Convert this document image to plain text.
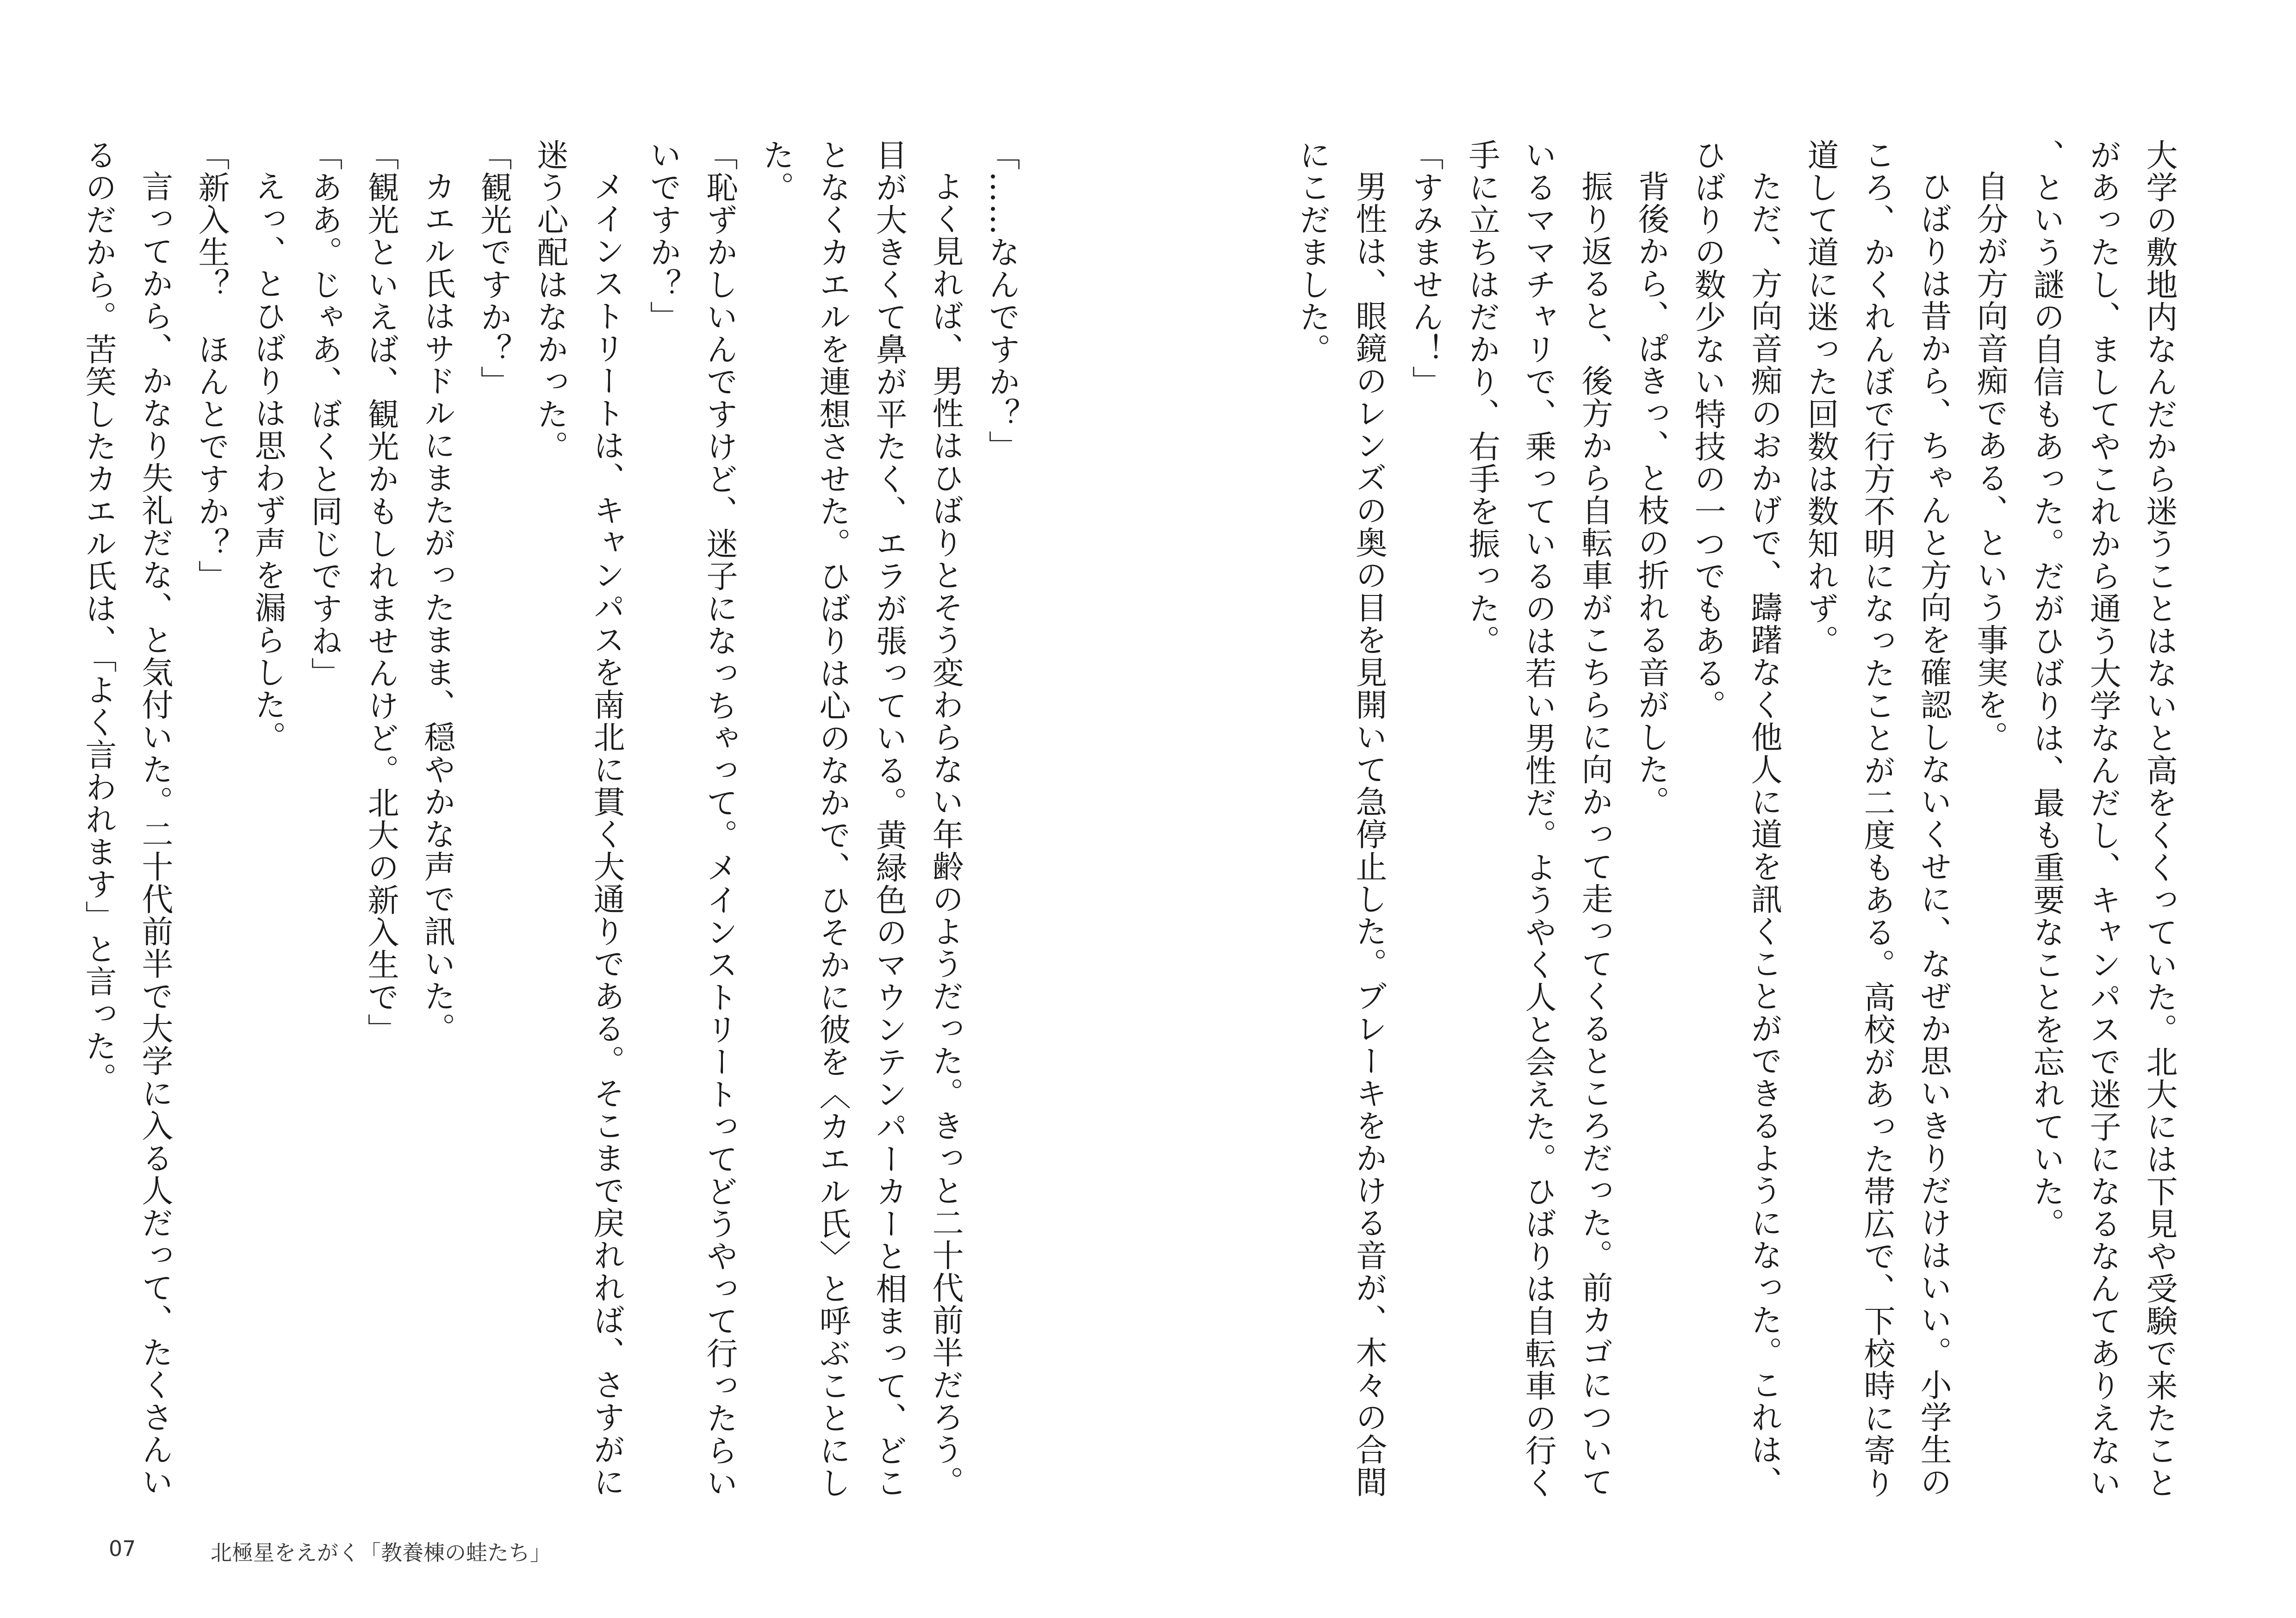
大学の敷地内なんだから迷うことはないと高をくくっていた。北大には下見や受験で来たことがあったし、ましてやこれから通う大学なんだし、キャンパスで迷子になるなんてありえない、という謎の自信もあった。だがひばりは、最も重要なことを忘れていた。

自分が方向音痴である、という事実を。

ひばりは昔から、ちゃんと方向を確認しないくせに、なぜか思いきりだけはいい。小学生のころ、かくれんぼで行方不明になったことが二度もある。高校があった帯広で、下校時に寄り道して道に迷った回数は数知れず。

ただ、方向音痴のおかげで、躊躇なく他人に道を訊くことができるようになった。これは、ひばりの数少ない特技の一つでもある。

背後から、ぱきっ、と枝の折れる音がした。

振り返ると、後方から自転車がこちらに向かって走ってくるところだった。前カゴについているママチャリで、乗っているのは若い男性だ。ようやく人と会えた。ひばりは自転車の行く手に立ちはだかり、右手を振った。

「すみません！」

男性は、眼鏡のレンズの奥の目を見開いて急停止した。ブレーキをかける音が、木々の合間にこだました。

「……なんですか？」

よく見れば、男性はひばりとそう変わらない年齢のようだった。きっと二十代前半だろう。目が大きくて鼻が平たく、エラが張っている。黄緑色のマウンテンパーカーと相まって、どことなくカエルを連想させた。ひばりは心のなかで、ひそかに彼を〈カエル氏〉と呼ぶことにした。

「恥ずかしいんですけど、迷子になっちゃって。メインストリートってどうやって行ったらいいですか？」

メインストリートは、キャンパスを南北に貫く大通りである。そこまで戻れれば、さすがに迷う心配はなかった。

「観光ですか？」

カエル氏はサドルにまたがったまま、穏やかな声で訊いた。

「観光といえば、観光かもしれませんけど。北大の新入生で」

「ああ。じゃあ、ぼくと同じですね」

えっ、とひばりは思わず声を漏らした。

「新入生？　ほんとですか？」

言ってから、かなり失礼だな、と気付いた。二十代前半で大学に入る人だって、たくさんいるのだから。苦笑したカエル氏は、「よく言われます」と言った。

07	北極星をえがく「教養棟の蛙たち」
